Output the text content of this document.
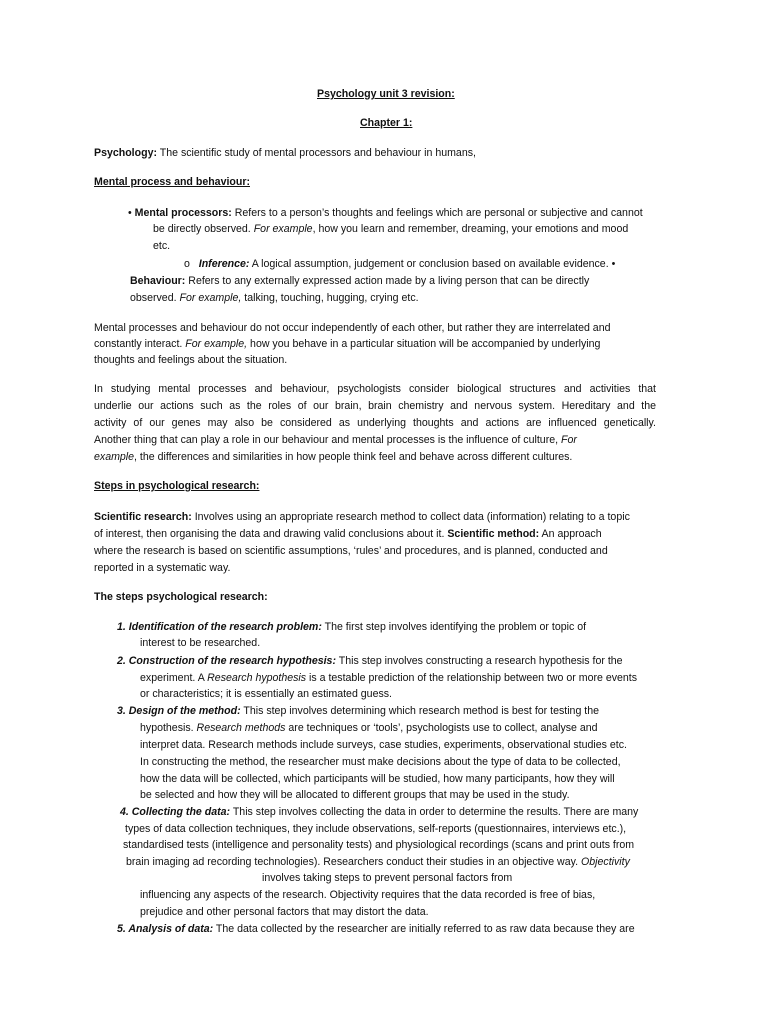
Psychology unit 3 revision:
Chapter 1:
Psychology: The scientific study of mental processors and behaviour in humans,
Mental process and behaviour:
• Mental processors: Refers to a person’s thoughts and feelings which are personal or subjective and cannot
be directly observed. For example, how you learn and remember, dreaming, your emotions and mood
etc.
o Inference: A logical assumption, judgement or conclusion based on available evidence. •
Behaviour: Refers to any externally expressed action made by a living person that can be directly
observed. For example, talking, touching, hugging, crying etc.
Mental processes and behaviour do not occur independently of each other, but rather they are interrelated and
constantly interact. For example, how you behave in a particular situation will be accompanied by underlying
thoughts and feelings about the situation.
In studying mental processes and behaviour, psychologists consider biological structures and activities that
underlie our actions such as the roles of our brain, brain chemistry and nervous system. Hereditary and the
activity of our genes may also be considered as underlying thoughts and actions are influenced genetically.
Another thing that can play a role in our behaviour and mental processes is the influence of culture, For
example, the differences and similarities in how people think feel and behave across different cultures.
Steps in psychological research:
Scientific research: Involves using an appropriate research method to collect data (information) relating to a topic
of interest, then organising the data and drawing valid conclusions about it. Scientific method: An approach
where the research is based on scientific assumptions, ‘rules’ and procedures, and is planned, conducted and
reported in a systematic way.
The steps psychological research:
1. Identification of the research problem: The first step involves identifying the problem or topic of
interest to be researched.
2. Construction of the research hypothesis: This step involves constructing a research hypothesis for the
experiment. A Research hypothesis is a testable prediction of the relationship between two or more events
or characteristics; it is essentially an estimated guess.
3. Design of the method: This step involves determining which research method is best for testing the
hypothesis. Research methods are techniques or ‘tools’, psychologists use to collect, analyse and
interpret data. Research methods include surveys, case studies, experiments, observational studies etc.
In constructing the method, the researcher must make decisions about the type of data to be collected,
how the data will be collected, which participants will be studied, how many participants, how they will
be selected and how they will be allocated to different groups that may be used in the study.
4. Collecting the data: This step involves collecting the data in order to determine the results. There are many
types of data collection techniques, they include observations, self-reports (questionnaires, interviews etc.),
standardised tests (intelligence and personality tests) and physiological recordings (scans and print outs from
brain imaging ad recording technologies). Researchers conduct their studies in an objective way. Objectivity
involves taking steps to prevent personal factors from
influencing any aspects of the research. Objectivity requires that the data recorded is free of bias,
prejudice and other personal factors that may distort the data.
5. Analysis of data: The data collected by the researcher are initially referred to as raw data because they are
